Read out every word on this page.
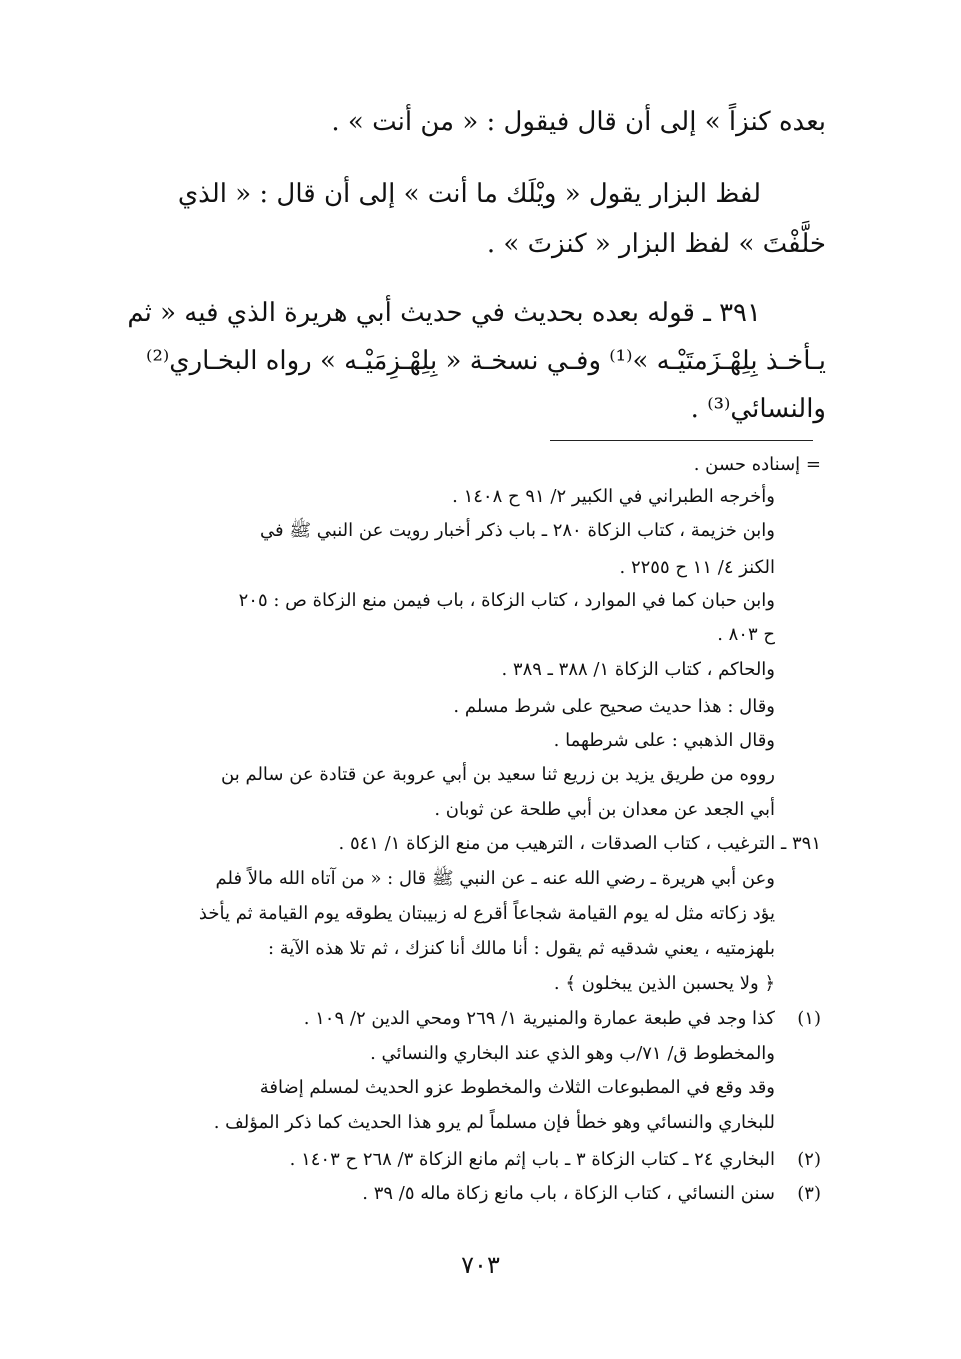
بعده كنزاً » إلى أن قال فيقول : « من أنت » .
لفظ البزار يقول « ويْلَك ما أنت » إلى أن قال : « الذي
خلَّفْتَ » لفظ البزار « كنزتَ » .
٣٩١ ـ قوله بعده بحديث في حديث أبي هريرة الذي فيه « ثم
يـأخـذ بِلِهْـزَمتَيْـه »⁽¹⁾ وفـي نسخـة « بِلِهْـزِمَيْـه » رواه البخـاري⁽²⁾
والنسائي⁽³⁾ .
= إسناده حسن .
وأخرجه الطبراني في الكبير ٢/ ٩١ ح ١٤٠٨ .
وابن خزيمة ، كتاب الزكاة ٢٨٠ ـ باب ذكر أخبار رويت عن النبي ﷺ في
الكنز ٤/ ١١ ح ٢٢٥٥ .
وابن حبان كما في الموارد ، كتاب الزكاة ، باب فيمن منع الزكاة ص : ٢٠٥
ح ٨٠٣ .
والحاكم ، كتاب الزكاة ١/ ٣٨٨ ـ ٣٨٩ .
وقال : هذا حديث صحيح على شرط مسلم .
وقال الذهبي : على شرطهما .
رووه من طريق يزيد بن زريع ثنا سعيد بن أبي عروبة عن قتادة عن سالم بن
أبي الجعد عن معدان بن أبي طلحة عن ثوبان .
٣٩١ ـ الترغيب ، كتاب الصدقات ، الترهيب من منع الزكاة ١/ ٥٤١ .
وعن أبي هريرة ـ رضي الله عنه ـ عن النبي ﷺ قال : « من آتاه الله مالاً فلم
يؤد زكاته مثل له يوم القيامة شجاعاً أقرع له زبيبتان يطوقه يوم القيامة ثم يأخذ
بلهزمتيه ، يعني شدقيه ثم يقول : أنا مالك أنا كنزك ، ثم تلا هذه الآية :
﴿ ولا يحسبن الذين يبخلون ﴾ .
(١)
كذا وجد في طبعة عمارة والمنيرية ١/ ٢٦٩ ومحي الدين ٢/ ١٠٩ .
والمخطوط ق/ ٧١/ب وهو الذي عند البخاري والنسائي .
وقد وقع في المطبوعات الثلاث والمخطوط عزو الحديث لمسلم إضافة
للبخاري والنسائي وهو خطأ فإن مسلماً لم يرو هذا الحديث كما ذكر المؤلف .
(٢)
البخاري ٢٤ ـ كتاب الزكاة ٣ ـ باب إثم مانع الزكاة ٣/ ٢٦٨ ح ١٤٠٣ .
(٣)
سنن النسائي ، كتاب الزكاة ، باب مانع زكاة ماله ٥/ ٣٩ .
٧٠٣
